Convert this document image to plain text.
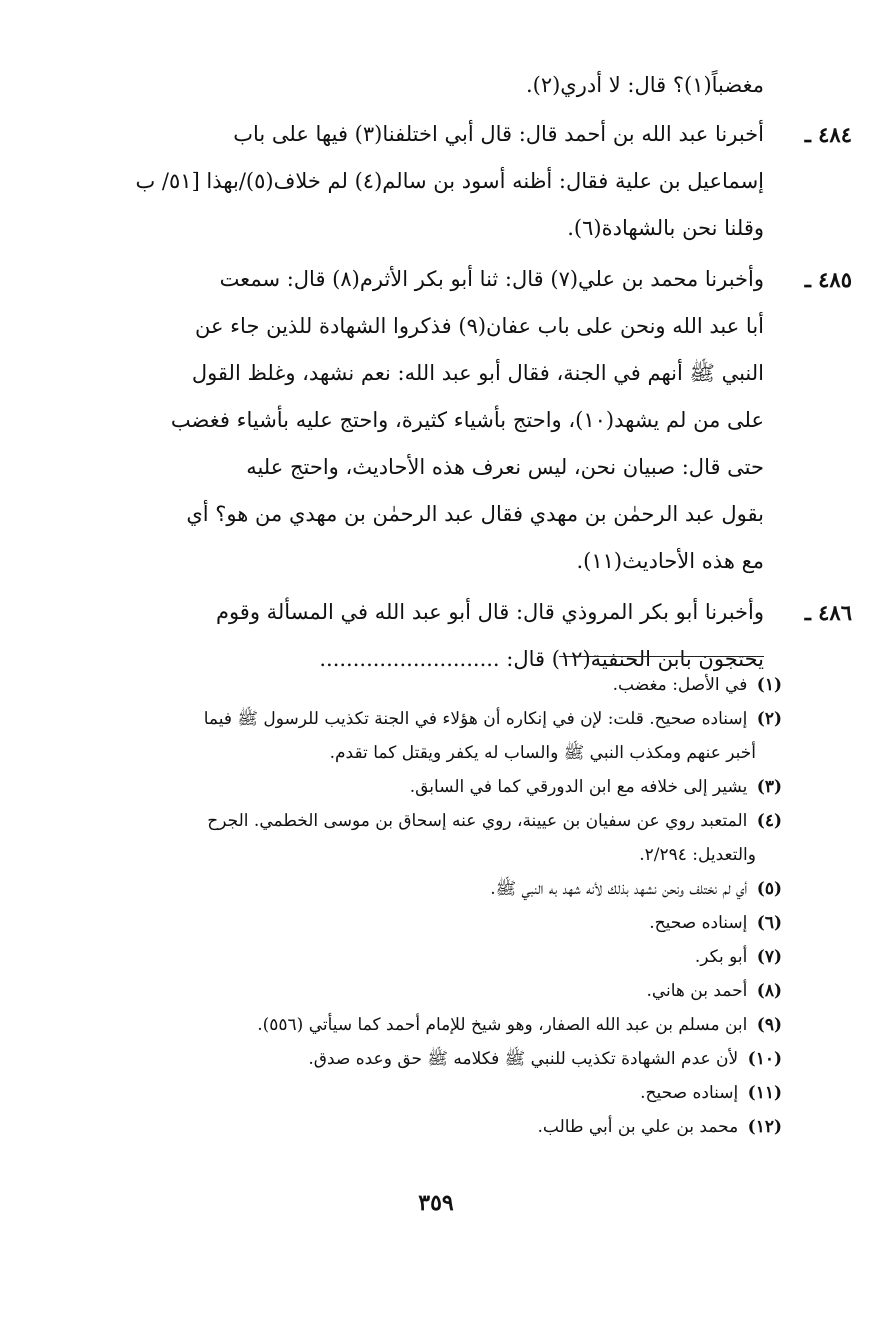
مغضباً(١)؟ قال: لا أدري(٢).

٤٨٤ ـ
أخبرنا عبد الله بن أحمد قال: قال أبي اختلفنا(٣) فيها على باب
إسماعيل بن علية فقال: أظنه أسود بن سالم(٤) لم خلاف(٥)/بهذا [٥١/ ب
وقلنا نحن بالشهادة(٦).
٤٨٥ ـ
وأخبرنا محمد بن علي(٧) قال: ثنا أبو بكر الأثرم(٨) قال: سمعت
أبا عبد الله ونحن على باب عفان(٩) فذكروا الشهادة للذين جاء عن
النبي ﷺ أنهم في الجنة، فقال أبو عبد الله: نعم نشهد، وغلظ القول
على من لم يشهد(١٠)، واحتج بأشياء كثيرة، واحتج عليه بأشياء فغضب
حتى قال: صبيان نحن، ليس نعرف هذه الأحاديث، واحتج عليه
بقول عبد الرحمٰن بن مهدي فقال عبد الرحمٰن بن مهدي من هو؟ أي
مع هذه الأحاديث(١١).
٤٨٦ ـ
وأخبرنا أبو بكر المروذي قال: قال أبو عبد الله في المسألة وقوم
يحتجون بابن الحنفية(١٢) قال: ...........................
(١) في الأصل: مغضب.
(٢) إسناده صحيح. قلت: لإن في إنكاره أن هؤلاء في الجنة تكذيب للرسول ﷺ فيما
أخبر عنهم ومكذب النبي ﷺ والساب له يكفر ويقتل كما تقدم.
(٣) يشير إلى خلافه مع ابن الدورقي كما في السابق.
(٤) المتعبد روي عن سفيان بن عيينة، روي عنه إسحاق بن موسى الخطمي. الجرح
والتعديل: ٢/٢٩٤.
(٥) أي لم نختلف ونحن نشهد بذلك لأنه شهد به النبي ﷺ.
(٦) إسناده صحيح.
(٧) أبو بكر.
(٨) أحمد بن هاني.
(٩) ابن مسلم بن عبد الله الصفار، وهو شيخ للإمام أحمد كما سيأتي (٥٥٦).
(١٠) لأن عدم الشهادة تكذيب للنبي ﷺ فكلامه ﷺ حق وعده صدق.
(١١) إسناده صحيح.
(١٢) محمد بن علي بن أبي طالب.
٣٥٩
